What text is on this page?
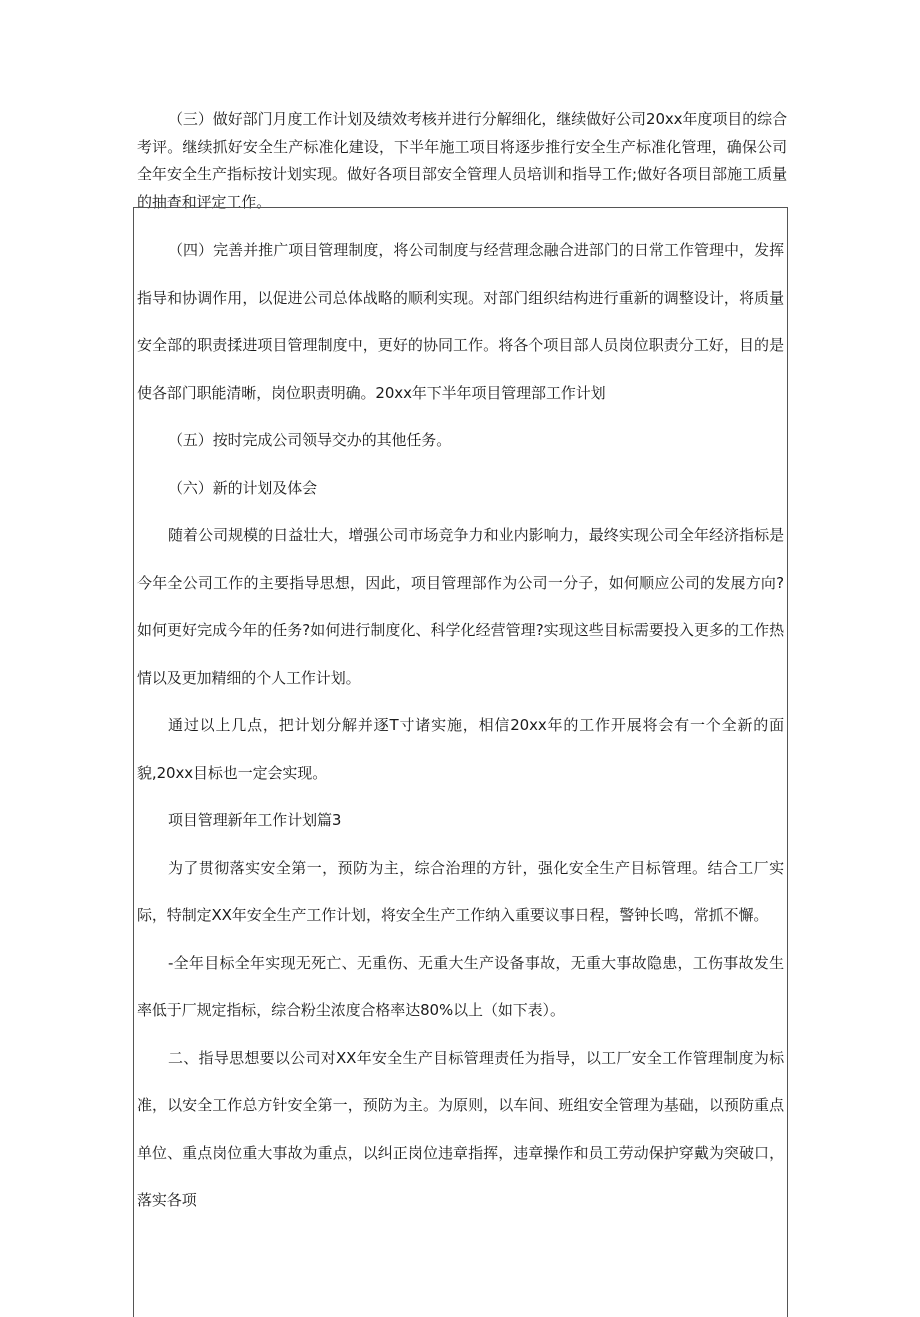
（三）做好部门月度工作计划及绩效考核并进行分解细化，继续做好公司20xx年度项目的综合考评。继续抓好安全生产标准化建设，下半年施工项目将逐步推行安全生产标准化管理，确保公司全年安全生产指标按计划实现。做好各项目部安全管理人员培训和指导工作;做好各项目部施工质量的抽查和评定工作。

（四）完善并推广项目管理制度，将公司制度与经营理念融合进部门的日常工作管理中，发挥指导和协调作用，以促进公司总体战略的顺利实现。对部门组织结构进行重新的调整设计，将质量安全部的职责揉进项目管理制度中，更好的协同工作。将各个项目部人员岗位职责分工好，目的是使各部门职能清晰，岗位职责明确。20xx年下半年项目管理部工作计划

（五）按时完成公司领导交办的其他任务。

（六）新的计划及体会

随着公司规模的日益壮大，增强公司市场竞争力和业内影响力，最终实现公司全年经济指标是今年全公司工作的主要指导思想，因此，项目管理部作为公司一分子，如何顺应公司的发展方向?如何更好完成今年的任务?如何进行制度化、科学化经营管理?实现这些目标需要投入更多的工作热情以及更加精细的个人工作计划。

通过以上几点，把计划分解并逐T寸诸实施，相信20xx年的工作开展将会有一个全新的面貌,20xx目标也一定会实现。

项目管理新年工作计划篇3

为了贯彻落实安全第一，预防为主，综合治理的方针，强化安全生产目标管理。结合工厂实际，特制定XX年安全生产工作计划，将安全生产工作纳入重要议事日程，警钟长鸣，常抓不懈。

-全年目标全年实现无死亡、无重伤、无重大生产设备事故，无重大事故隐患，工伤事故发生率低于厂规定指标，综合粉尘浓度合格率达80%以上（如下表）。

二、指导思想要以公司对XX年安全生产目标管理责任为指导，以工厂安全工作管理制度为标准，以安全工作总方针安全第一，预防为主。为原则，以车间、班组安全管理为基础，以预防重点单位、重点岗位重大事故为重点，以纠正岗位违章指挥，违章操作和员工劳动保护穿戴为突破口，落实各项
